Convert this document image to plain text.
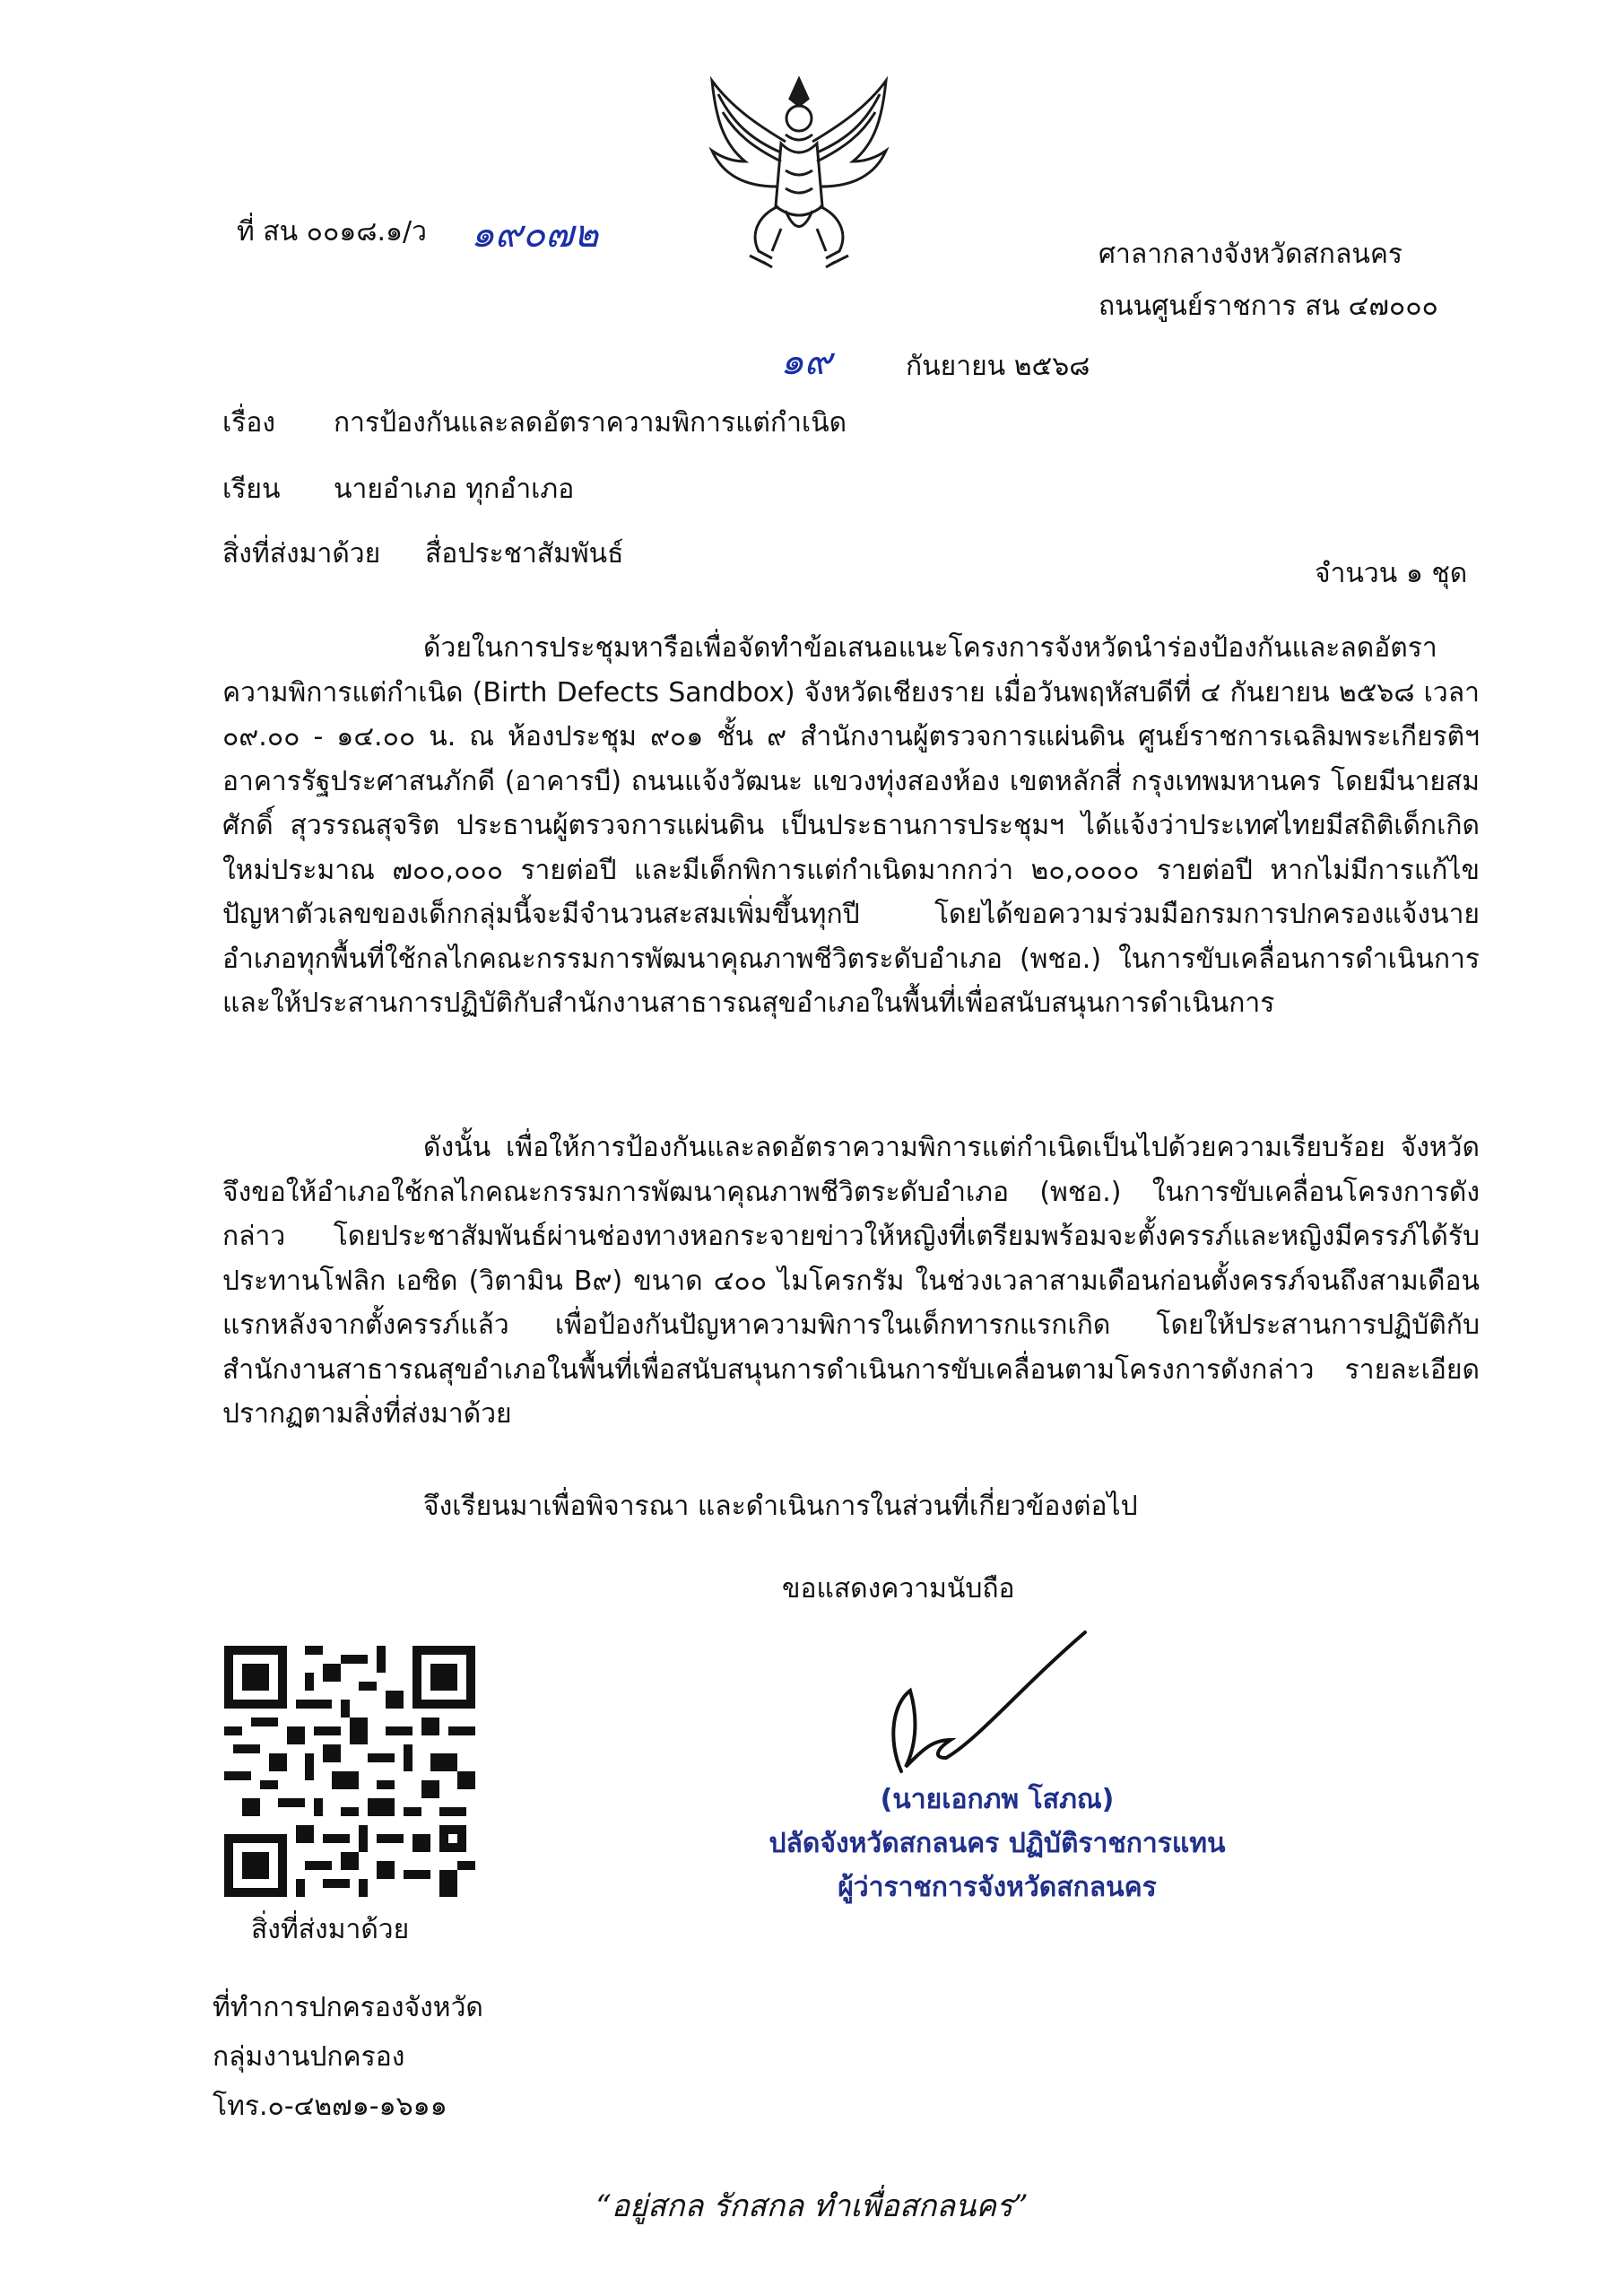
ที่ สน ๐๐๑๘.๑/ว ๑๙๐๗๒	ศาลากลางจังหวัดสกลนคร
ถนนศูนย์ราชการ สน ๔๗๐๐๐
๑๙	กันยายน ๒๕๖๘
เรื่อง การป้องกันและลดอัตราความพิการแต่กำเนิด
เรียน นายอำเภอ ทุกอำเภอ
สิ่งที่ส่งมาด้วย สื่อประชาสัมพันธ์
จำนวน ๑ ชุด

ด้วยในการประชุมหารือเพื่อจัดทำข้อเสนอแนะโครงการจังหวัดนำร่องป้องกันและลดอัตราความพิการแต่กำเนิด (Birth Defects Sandbox) จังหวัดเชียงราย เมื่อวันพฤหัสบดีที่ ๔ กันยายน ๒๕๖๘ เวลา ๐๙.๐๐ - ๑๔.๐๐ น. ณ ห้องประชุม ๙๐๑ ชั้น ๙ สำนักงานผู้ตรวจการแผ่นดิน ศูนย์ราชการเฉลิมพระเกียรติฯ อาคารรัฐประศาสนภักดี (อาคารบี) ถนนแจ้งวัฒนะ แขวงทุ่งสองห้อง เขตหลักสี่ กรุงเทพมหานคร โดยมีนายสมศักดิ์ สุวรรณสุจริต ประธานผู้ตรวจการแผ่นดิน เป็นประธานการประชุมฯ ได้แจ้งว่าประเทศไทยมีสถิติเด็กเกิดใหม่ประมาณ ๗๐๐,๐๐๐ รายต่อปี และมีเด็กพิการแต่กำเนิดมากกว่า ๒๐,๐๐๐๐ รายต่อปี หากไม่มีการแก้ไขปัญหาตัวเลขของเด็กกลุ่มนี้จะมีจำนวนสะสมเพิ่มขึ้นทุกปี โดยได้ขอความร่วมมือกรมการปกครองแจ้งนายอำเภอทุกพื้นที่ใช้กลไกคณะกรรมการพัฒนาคุณภาพชีวิตระดับอำเภอ (พชอ.) ในการขับเคลื่อนการดำเนินการและให้ประสานการปฏิบัติกับสำนักงานสาธารณสุขอำเภอในพื้นที่เพื่อสนับสนุนการดำเนินการ

ดังนั้น เพื่อให้การป้องกันและลดอัตราความพิการแต่กำเนิดเป็นไปด้วยความเรียบร้อย จังหวัดจึงขอให้อำเภอใช้กลไกคณะกรรมการพัฒนาคุณภาพชีวิตระดับอำเภอ (พชอ.) ในการขับเคลื่อนโครงการดังกล่าว โดยประชาสัมพันธ์ผ่านช่องทางหอกระจายข่าวให้หญิงที่เตรียมพร้อมจะตั้งครรภ์และหญิงมีครรภ์ได้รับประทานโฟลิก เอซิด (วิตามิน B๙) ขนาด ๔๐๐ ไมโครกรัม ในช่วงเวลาสามเดือนก่อนตั้งครรภ์จนถึงสามเดือนแรกหลังจากตั้งครรภ์แล้ว เพื่อป้องกันปัญหาความพิการในเด็กทารกแรกเกิด โดยให้ประสานการปฏิบัติกับสำนักงานสาธารณสุขอำเภอในพื้นที่เพื่อสนับสนุนการดำเนินการขับเคลื่อนตามโครงการดังกล่าว รายละเอียดปรากฏตามสิ่งที่ส่งมาด้วย

จึงเรียนมาเพื่อพิจารณา และดำเนินการในส่วนที่เกี่ยวข้องต่อไป

ขอแสดงความนับถือ
(นายเอกภพ โสภณ)
ปลัดจังหวัดสกลนคร ปฏิบัติราชการแทน
ผู้ว่าราชการจังหวัดสกลนคร
สิ่งที่ส่งมาด้วย
ที่ทำการปกครองจังหวัด
กลุ่มงานปกครอง
โทร.๐-๔๒๗๑-๑๖๑๑
“อยู่สกล รักสกล ทำเพื่อสกลนคร”
